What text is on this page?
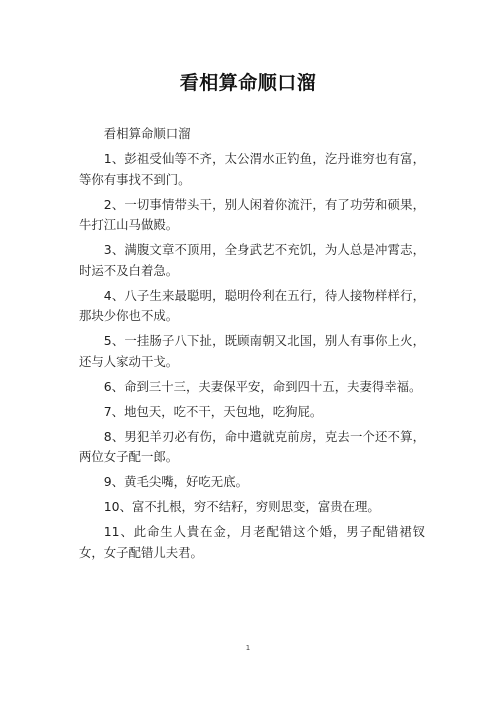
看相算命顺口溜

看相算命顺口溜

1、彭祖受仙等不齐，太公渭水正钓鱼，汔丹谁穷也有富，等你有事找不到门。

2、一切事情带头干，别人闲着你流汗，有了功劳和硕果，牛打江山马做殿。

3、满腹文章不顶用，全身武艺不充饥，为人总是冲霄志，时运不及白着急。

4、八子生来最聪明，聪明伶利在五行，待人接物样样行，那块少你也不成。

5、一挂肠子八下扯，既顾南朝又北国，别人有事你上火，还与人家动干戈。

6、命到三十三，夫妻保平安，命到四十五，夫妻得幸福。

7、地包天，吃不干，天包地，吃狗屁。

8、男犯羊刃必有伤，命中遣就克前房，克去一个还不算，两位女子配一郎。

9、黄毛尖嘴，好吃无底。

10、富不扎根，穷不结籽，穷则思变，富贵在理。

11、此命生人貴在金，月老配错这个婚，男子配错裙钗女，女子配错儿夫君。

1
